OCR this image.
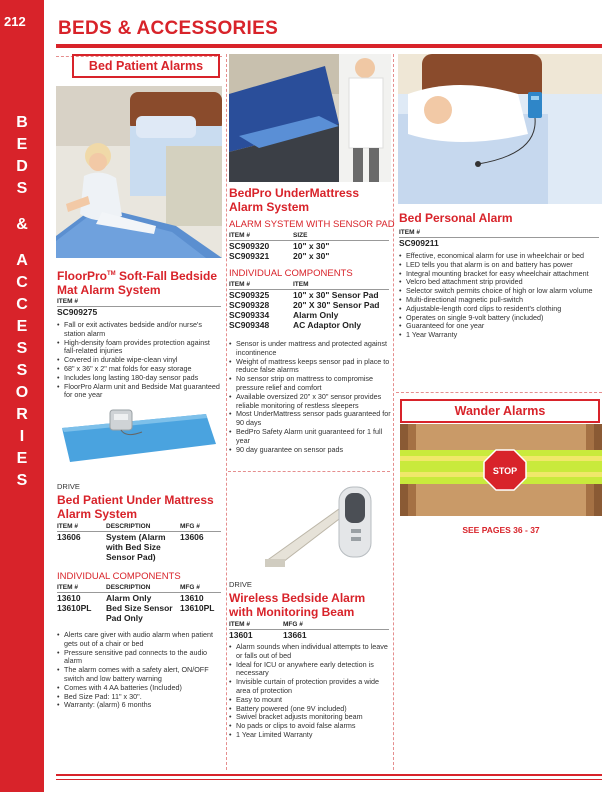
212
B
E
D
S
&
A
C
C
E
S
S
O
R
I
E
S
BEDS & ACCESSORIES
Bed Patient Alarms
FloorPro™ Soft-Fall Bedside Mat Alarm System
ITEM #
SC909275
• Fall or exit activates bedside and/or nurse's station alarm
• High-density foam provides protection against fall-related injuries
• Covered in durable wipe-clean vinyl
• 68" x 36" x 2" mat folds for easy storage
• Includes long lasting 180-day sensor pads
• FloorPro Alarm unit and Bedside Mat guaranteed for one year
DRIVE
Bed Patient Under Mattress Alarm System
ITEM #	DESCRIPTION	MFG #
13606	System (Alarm with Bed Size Sensor Pad)	13606
INDIVIDUAL COMPONENTS
ITEM #	DESCRIPTION	MFG #
13610	Alarm Only	13610
13610PL	Bed Size Sensor Pad Only	13610PL
• Alerts care giver with audio alarm when patient gets out of a chair or bed
• Pressure sensitive pad connects to the audio alarm
• The alarm comes with a safety alert, ON/OFF switch and low battery warning
• Comes with 4 AA batteries (Included)
• Bed Size Pad: 11" x 30".
• Warranty: (alarm) 6 months
BedPro UnderMattress Alarm System
ALARM SYSTEM WITH SENSOR PAD
ITEM #	SIZE
SC909320	10" x 30"
SC909321	20" x 30"
INDIVIDUAL COMPONENTS
ITEM #	ITEM
SC909325	10" x 30" Sensor Pad
SC909328	20" X 30" Sensor Pad
SC909334	Alarm Only
SC909348	AC Adaptor Only
• Sensor is under mattress and protected against incontinence
• Weight of mattress keeps sensor pad in place to reduce false alarms
• No sensor strip on mattress to compromise pressure relief and comfort
• Available oversized 20" x 30" sensor provides reliable monitoring of restless sleepers
• Most UnderMattress sensor pads guaranteed for 90 days
• BedPro Safety Alarm unit guaranteed for 1 full year
• 90 day guarantee on sensor pads
DRIVE
Wireless Bedside Alarm with Monitoring Beam
ITEM #	MFG #
13601	13661
• Alarm sounds when individual attempts to leave or falls out of bed
• Ideal for ICU or anywhere early detection is necessary
• Invisible curtain of protection provides a wide area of protection
• Easy to mount
• Battery powered (one 9V included)
• Swivel bracket adjusts monitoring beam
• No pads or clips to avoid false alarms
• 1 Year Limited Warranty
Bed Personal Alarm
ITEM #
SC909211
• Effective, economical alarm for use in wheelchair or bed
• LED tells you that alarm is on and battery has power
• Integral mounting bracket for easy wheelchair attachment
• Velcro bed attachment strip provided
• Selector switch permits choice of high or low alarm volume
• Multi-directional magnetic pull-switch
• Adjustable-length cord clips to resident's clothing
• Operates on single 9-volt battery (included)
• Guaranteed for one year
• 1 Year Warranty
Wander Alarms
STOP
SEE PAGES 36 - 37
